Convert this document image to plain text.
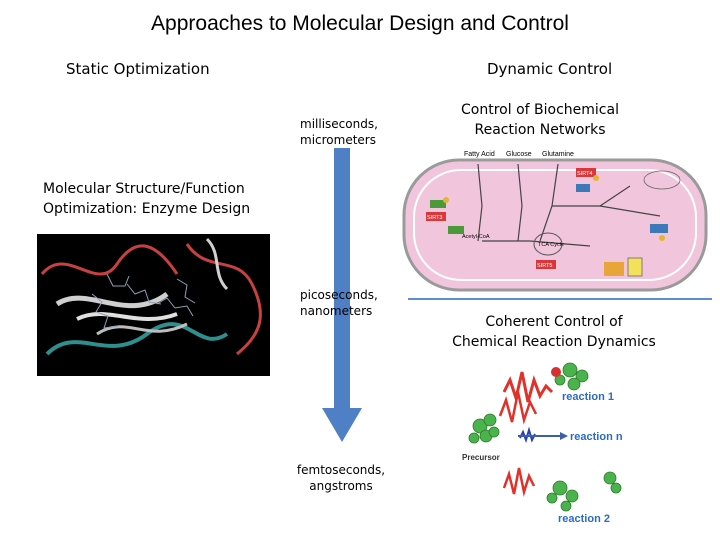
Approaches to Molecular Design and Control
Static Optimization	Dynamic Control
Molecular Structure/Function
Optimization: Enzyme Design
milliseconds,
micrometers
picoseconds,
nanometers
femtoseconds,
angstroms
Control of Biochemical
Reaction Networks
Fatty Acid Glucose Glutamine
TCA Cycle
Acetyl-CoA
SIRT3
SIRT4
SIRT5
Coherent Control of
Chemical Reaction Dynamics
reaction 1
reaction n
reaction 2
Precursor
